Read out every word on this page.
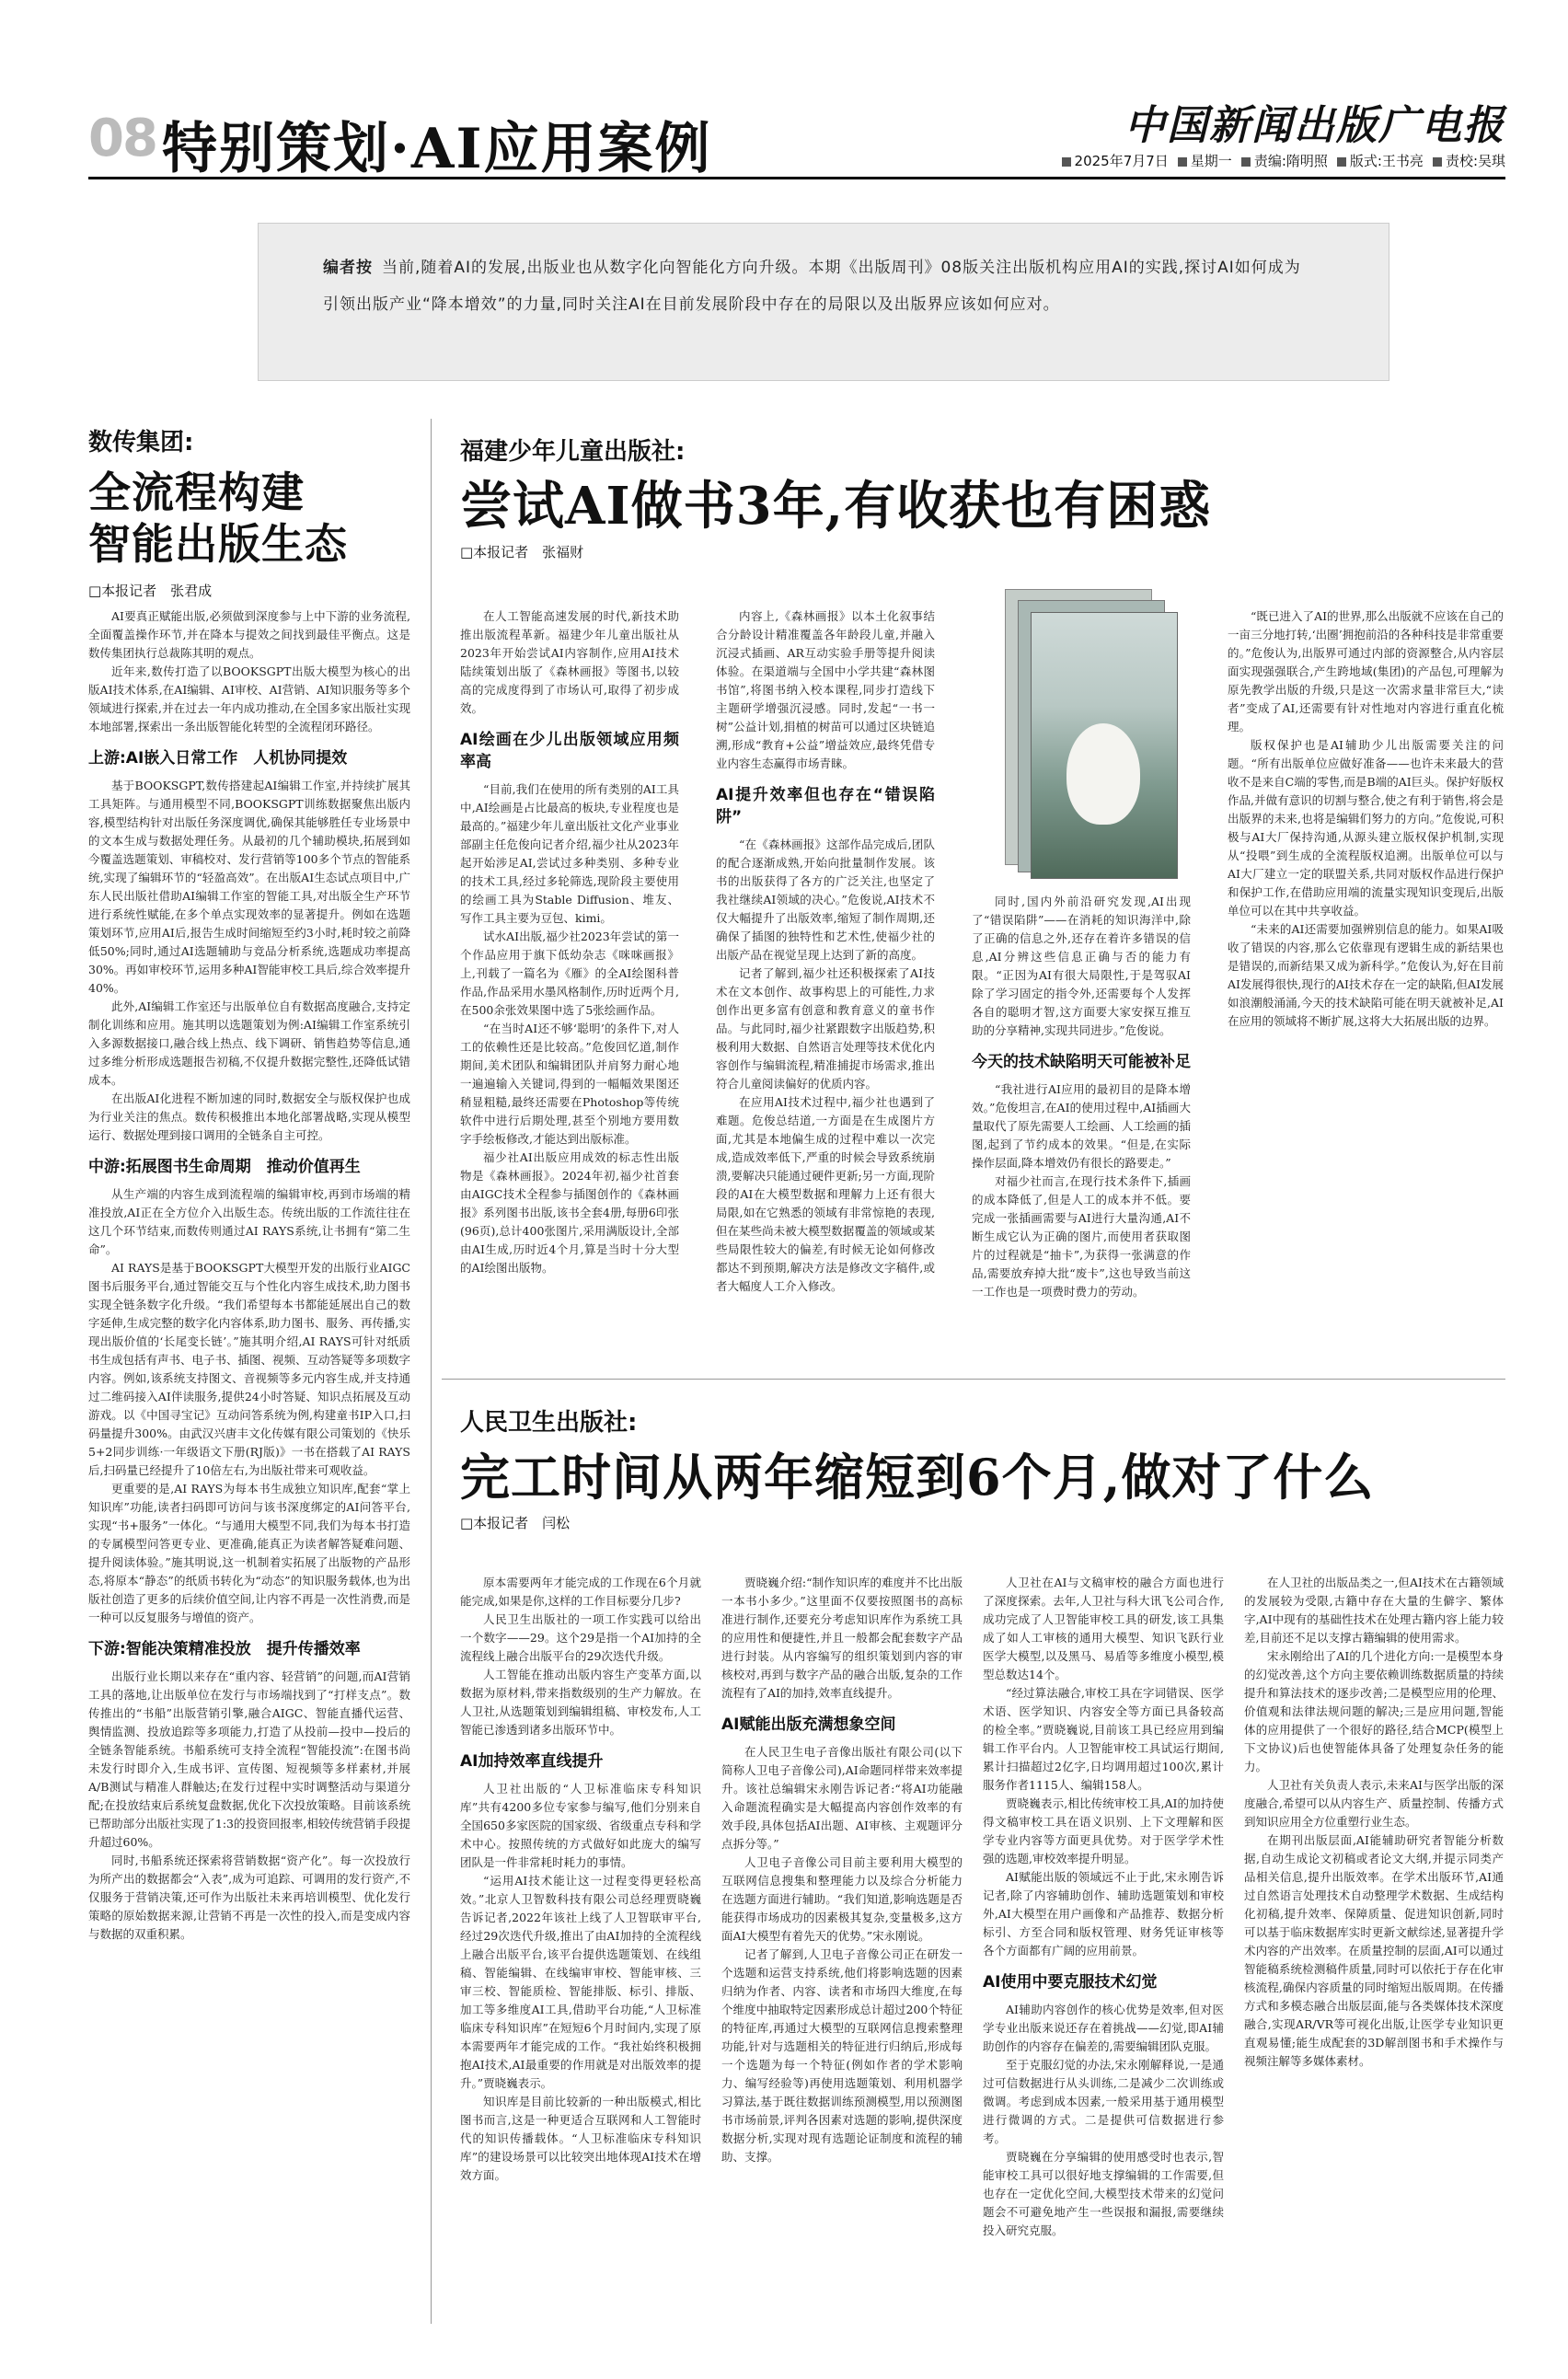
08 特别策划·AI应用案例	中国新闻出版广电报
2025年7月7日	星期一	责编:隋明照	版式:王书亮	责校:吴琪
编者按 当前,随着AI的发展,出版业也从数字化向智能化方向升级。本期《出版周刊》08版关注出版机构应用AI的实践,探讨AI如何成为引领出版产业“降本增效”的力量,同时关注AI在目前发展阶段中存在的局限以及出版界应该如何应对。
数传集团:
全流程构建
智能出版生态
□本报记者　张君成

AI要真正赋能出版,必须做到深度参与上中下游的业务流程,全面覆盖操作环节,并在降本与提效之间找到最佳平衡点。这是数传集团执行总裁陈其明的观点。

近年来,数传打造了以BOOKSGPT出版大模型为核心的出版AI技术体系,在AI编辑、AI审校、AI营销、AI知识服务等多个领域进行探索,并在过去一年内成功推动,在全国多家出版社实现本地部署,探索出一条出版智能化转型的全流程闭环路径。

上游:AI嵌入日常工作　人机协同提效

基于BOOKSGPT,数传搭建起AI编辑工作室,并持续扩展其工具矩阵。与通用模型不同,BOOKSGPT训练数据聚焦出版内容,模型结构针对出版任务深度调优,确保其能够胜任专业场景中的文本生成与数据处理任务。从最初的几个辅助模块,拓展到如今覆盖选题策划、审稿校对、发行营销等100多个节点的智能系统,实现了编辑环节的“轻盈高效”。在出版AI生态试点项目中,广东人民出版社借助AI编辑工作室的智能工具,对出版全生产环节进行系统性赋能,在多个单点实现效率的显著提升。例如在选题策划环节,应用AI后,报告生成时间缩短至约3小时,耗时较之前降低50%;同时,通过AI选题辅助与竞品分析系统,选题成功率提高30%。再如审校环节,运用多种AI智能审校工具后,综合效率提升40%。

此外,AI编辑工作室还与出版单位自有数据高度融合,支持定制化训练和应用。施其明以选题策划为例:AI编辑工作室系统引入多源数据接口,融合线上热点、线下调研、销售趋势等信息,通过多维分析形成选题报告初稿,不仅提升数据完整性,还降低试错成本。

在出版AI化进程不断加速的同时,数据安全与版权保护也成为行业关注的焦点。数传积极推出本地化部署战略,实现从模型运行、数据处理到接口调用的全链条自主可控。

中游:拓展图书生命周期　推动价值再生

从生产端的内容生成到流程端的编辑审校,再到市场端的精准投放,AI正在全方位介入出版生态。传统出版的工作流往往在这几个环节结束,而数传则通过AI RAYS系统,让书拥有“第二生命”。

AI RAYS是基于BOOKSGPT大模型开发的出版行业AIGC图书后服务平台,通过智能交互与个性化内容生成技术,助力图书实现全链条数字化升级。“我们希望每本书都能延展出自己的数字延伸,生成完整的数字化内容体系,助力图书、服务、再传播,实现出版价值的‘长尾变长链’。”施其明介绍,AI RAYS可针对纸质书生成包括有声书、电子书、插图、视频、互动答疑等多项数字内容。例如,该系统支持图文、音视频等多元内容生成,并支持通过二维码接入AI伴读服务,提供24小时答疑、知识点拓展及互动游戏。以《中国寻宝记》互动问答系统为例,构建童书IP入口,扫码量提升300%。由武汉兴唐丰文化传媒有限公司策划的《快乐5+2同步训练·一年级语文下册(RJ版)》一书在搭载了AI RAYS后,扫码量已经提升了10倍左右,为出版社带来可观收益。

更重要的是,AI RAYS为每本书生成独立知识库,配套“掌上知识库”功能,读者扫码即可访问与该书深度绑定的AI问答平台,实现“书+服务”一体化。“与通用大模型不同,我们为每本书打造的专属模型问答更专业、更准确,能真正为读者解答疑难问题、提升阅读体验。”施其明说,这一机制着实拓展了出版物的产品形态,将原本“静态”的纸质书转化为“动态”的知识服务载体,也为出版社创造了更多的后续价值空间,让内容不再是一次性消费,而是一种可以反复服务与增值的资产。

下游:智能决策精准投放　提升传播效率

出版行业长期以来存在“重内容、轻营销”的问题,而AI营销工具的落地,让出版单位在发行与市场端找到了“打样支点”。数传推出的“书船”出版营销引擎,融合AIGC、智能直播代运营、舆情监测、投放追踪等多项能力,打造了从投前—投中—投后的全链条智能系统。书船系统可支持全流程“智能投流”:在图书尚未发行时即介入,生成书评、宣传图、短视频等多样素材,并展A/B测试与精准人群触达;在发行过程中实时调整活动与渠道分配;在投放结束后系统复盘数据,优化下次投放策略。目前该系统已帮助部分出版社实现了1:3的投资回报率,相较传统营销手段提升超过60%。

同时,书船系统还探索将营销数据“资产化”。每一次投放行为所产出的数据都会“入表”,成为可追踪、可调用的发行资产,不仅服务于营销决策,还可作为出版社未来再培训模型、优化发行策略的原始数据来源,让营销不再是一次性的投入,而是变成内容与数据的双重积累。

福建少年儿童出版社:
尝试AI做书3年,有收获也有困惑
□本报记者　张福财

在人工智能高速发展的时代,新技术助推出版流程革新。福建少年儿童出版社从2023年开始尝试AI内容制作,应用AI技术陆续策划出版了《森林画报》等图书,以较高的完成度得到了市场认可,取得了初步成效。

AI绘画在少儿出版领域应用频率高

“目前,我们在使用的所有类别的AI工具中,AI绘画是占比最高的板块,专业程度也是最高的。”福建少年儿童出版社文化产业事业部副主任危俊向记者介绍,福少社从2023年起开始涉足AI,尝试过多种类别、多种专业的技术工具,经过多轮筛选,现阶段主要使用的绘画工具为Stable Diffusion、堆友、写作工具主要为豆包、kimi。

试水AI出版,福少社2023年尝试的第一个作品应用于旗下低幼杂志《咪咪画报》上,刊载了一篇名为《雁》的全AI绘图科普作品,作品采用水墨风格制作,历时近两个月,在500余张效果图中选了5张绘画作品。

“在当时AI还不够‘聪明’的条件下,对人工的依赖性还是比较高。”危俊回忆道,制作期间,美术团队和编辑团队并肩努力耐心地一遍遍输入关键词,得到的一幅幅效果图还稍显粗糙,最终还需要在Photoshop等传统软件中进行后期处理,甚至个别地方要用数字手绘板修改,才能达到出版标准。

福少社AI出版应用成效的标志性出版物是《森林画报》。2024年初,福少社首套由AIGC技术全程参与插图创作的《森林画报》系列图书出版,该书全套4册,每册6印张(96页),总计400张图片,采用满版设计,全部由AI生成,历时近4个月,算是当时十分大型的AI绘图出版物。

内容上,《森林画报》以本土化叙事结合分龄设计精准覆盖各年龄段儿童,并融入沉浸式插画、AR互动实验手册等提升阅读体验。在渠道端与全国中小学共建“森林图书馆”,将图书纳入校本课程,同步打造线下主题研学增强沉浸感。同时,发起“一书一树”公益计划,捐植的树苗可以通过区块链追溯,形成“教育+公益”增益效应,最终凭借专业内容生态赢得市场青睐。

AI提升效率但也存在“错误陷阱”

“在《森林画报》这部作品完成后,团队的配合逐渐成熟,开始向批量制作发展。该书的出版获得了各方的广泛关注,也坚定了我社继续AI领域的决心。”危俊说,AI技术不仅大幅提升了出版效率,缩短了制作周期,还确保了插图的独特性和艺术性,使福少社的出版产品在视觉呈现上达到了新的高度。

记者了解到,福少社还积极探索了AI技术在文本创作、故事构思上的可能性,力求创作出更多富有创意和教育意义的童书作品。与此同时,福少社紧跟数字出版趋势,积极利用大数据、自然语言处理等技术优化内容创作与编辑流程,精准捕捉市场需求,推出符合儿童阅读偏好的优质内容。

在应用AI技术过程中,福少社也遇到了难题。危俊总结道,一方面是在生成图片方面,尤其是本地偏生成的过程中难以一次完成,造成效率低下,严重的时候会导致系统崩溃,要解决只能通过硬件更新;另一方面,现阶段的AI在大模型数据和理解力上还有很大局限,如在它熟悉的领域有非常惊艳的表现,但在某些尚未被大模型数据覆盖的领域或某些局限性较大的偏差,有时候无论如何修改都达不到预期,解决方法是修改文字稿件,或者大幅度人工介入修改。

同时,国内外前沿研究发现,AI出现了“错误陷阱”——在消耗的知识海洋中,除了正确的信息之外,还存在着许多错误的信息,AI分辨这些信息正确与否的能力有限。“正因为AI有很大局限性,于是驾驭AI除了学习固定的指令外,还需要每个人发挥各自的聪明才智,这方面要大家安探互推互助的分享精神,实现共同进步。”危俊说。

今天的技术缺陷明天可能被补足

“我社进行AI应用的最初目的是降本增效。”危俊坦言,在AI的使用过程中,AI插画大量取代了原先需要人工绘画、人工绘画的插图,起到了节约成本的效果。“但是,在实际操作层面,降本增效仍有很长的路要走。”

对福少社而言,在现行技术条件下,插画的成本降低了,但是人工的成本并不低。要完成一张插画需要与AI进行大量沟通,AI不断生成它认为正确的图片,而使用者获取图片的过程就是“抽卡”,为获得一张满意的作品,需要放弃掉大批“废卡”,这也导致当前这一工作也是一项费时费力的劳动。

“既已进入了AI的世界,那么出版就不应该在自己的一亩三分地打转,‘出圈’拥抱前沿的各种科技是非常重要的。”危俊认为,出版界可通过内部的资源整合,从内容层面实现强强联合,产生跨地域(集团)的产品包,可理解为原先教学出版的升级,只是这一次需求量非常巨大,“读者”变成了AI,还需要有针对性地对内容进行重直化梳理。

版权保护也是AI辅助少儿出版需要关注的问题。“所有出版单位应做好准备——也许未来最大的营收不是来自C端的零售,而是B端的AI巨头。保护好版权作品,并做有意识的切割与整合,使之有利于销售,将会是出版界的未来,也将是编辑们努力的方向。”危俊说,可积极与AI大厂保持沟通,从源头建立版权保护机制,实现从“投喂”到生成的全流程版权追溯。出版单位可以与AI大厂建立一定的联盟关系,共同对版权作品进行保护和保护工作,在借助应用端的流量实现知识变现后,出版单位可以在其中共享收益。

“未来的AI还需要加强辨别信息的能力。如果AI吸收了错误的内容,那么它依靠现有逻辑生成的新结果也是错误的,而新结果又成为新科学。”危俊认为,好在目前AI发展得很快,现行的AI技术存在一定的缺陷,但AI发展如浪潮般涌涌,今天的技术缺陷可能在明天就被补足,AI在应用的领域将不断扩展,这将大大拓展出版的边界。

人民卫生出版社:
完工时间从两年缩短到6个月,做对了什么
□本报记者　闫松

原本需要两年才能完成的工作现在6个月就能完成,如果是你,这样的工作目标要分几步?

人民卫生出版社的一项工作实践可以给出一个数字——29。这个29是指一个AI加持的全流程线上融合出版平台的29次迭代升级。

人工智能在推动出版内容生产变革方面,以数据为原材料,带来指数级别的生产力解放。在人卫社,从选题策划到编辑组稿、审校发布,人工智能已渗透到诸多出版环节中。

AI加持效率直线提升

人卫社出版的“人卫标准临床专科知识库”共有4200多位专家参与编写,他们分别来自全国650多家医院的国家级、省级重点专科和学术中心。按照传统的方式做好如此庞大的编写团队是一件非常耗时耗力的事情。

“运用AI技术能让这一过程变得更轻松高效。”北京人卫智数科技有限公司总经理贾晓巍告诉记者,2022年该社上线了人卫智联审平台,经过29次迭代升级,推出了由AI加持的全流程线上融合出版平台,该平台提供选题策划、在线组稿、智能编辑、在线编审审校、智能审核、三审三校、智能质检、智能排版、标引、排版、加工等多维度AI工具,借助平台功能,“人卫标准临床专科知识库”在短短6个月时间内,实现了原本需要两年才能完成的工作。“我社始终积极拥抱AI技术,AI最重要的作用就是对出版效率的提升。”贾晓巍表示。

知识库是目前比较新的一种出版模式,相比图书而言,这是一种更适合互联网和人工智能时代的知识传播载体。“人卫标准临床专科知识库”的建设场景可以比较突出地体现AI技术在增效方面。

贾晓巍介绍:“制作知识库的难度并不比出版一本书小多少。”这里面不仅要按照图书的高标准进行制作,还要充分考虑知识库作为系统工具的应用性和便捷性,并且一般都会配套数字产品进行封装。从内容编写的组织策划到内容的审核校对,再到与数字产品的融合出版,复杂的工作流程有了AI的加持,效率直线提升。

AI赋能出版充满想象空间

在人民卫生电子音像出版社有限公司(以下简称人卫电子音像公司),AI命题同样带来效率提升。该社总编辑宋永刚告诉记者:“将AI功能融入命题流程确实是大幅提高内容创作效率的有效手段,具体包括AI出题、AI审核、主观题评分点拆分等。”

人卫电子音像公司目前主要利用大模型的互联网信息搜集和整理能力以及综合分析能力在选题方面进行辅助。“我们知道,影响选题是否能获得市场成功的因素极其复杂,变量极多,这方面AI大模型有着先天的优势。”宋永刚说。

记者了解到,人卫电子音像公司正在研发一个选题和运营支持系统,他们将影响选题的因素归纳为作者、内容、读者和市场四大维度,在每个维度中抽取特定因素形成总计超过200个特征的特征库,再通过大模型的互联网信息搜索整理功能,针对与选题相关的特征进行归纳后,形成每一个选题为每一个特征(例如作者的学术影响力、编写经验等)再使用选题策划、利用机器学习算法,基于既往数据训练预测模型,用以预测图书市场前景,评判各因素对选题的影响,提供深度数据分析,实现对现有选题论证制度和流程的辅助、支撑。

人卫社在AI与文稿审校的融合方面也进行了深度探索。去年,人卫社与科大讯飞公司合作,成功完成了人卫智能审校工具的研发,该工具集成了如人工审核的通用大模型、知识飞跃行业医学大模型,以及黑马、易盾等多维度小模型,模型总数达14个。

“经过算法融合,审校工具在字词错误、医学术语、医学知识、内容安全等方面已具备较高的检全率。”贾晓巍说,目前该工具已经应用到编辑工作平台内。人卫智能审校工具试运行期间,累计扫描超过2亿字,日均调用超过100次,累计服务作者1115人、编辑158人。

贾晓巍表示,相比传统审校工具,AI的加持使得文稿审校工具在语义识别、上下文理解和医学专业内容等方面更具优势。对于医学学术性强的选题,审校效率提升明显。

AI赋能出版的领域远不止于此,宋永刚告诉记者,除了内容辅助创作、辅助选题策划和审校外,AI大模型在用户画像和产品推荐、数据分析标引、方至合同和版权管理、财务凭证审核等各个方面都有广阔的应用前景。

AI使用中要克服技术幻觉

AI辅助内容创作的核心优势是效率,但对医学专业出版来说还存在着挑战——幻觉,即AI辅助创作的内容存在偏差的,需要编辑团队克服。

至于克服幻觉的办法,宋永刚解释说,一是通过可信数据进行从头训练,二是减少二次训练或微调。考虑到成本因素,一般采用基于通用模型进行微调的方式。二是提供可信数据进行参考。

贾晓巍在分享编辑的使用感受时也表示,智能审校工具可以很好地支撑编辑的工作需要,但也存在一定优化空间,大模型技术带来的幻觉问题会不可避免地产生一些误报和漏报,需要继续投入研究克服。

在人卫社的出版品类之一,但AI技术在古籍领域的发展较为受限,古籍中存在大量的生僻字、繁体字,AI中现有的基础性技术在处理古籍内容上能力较差,目前还不足以支撑古籍编辑的使用需求。

宋永刚给出了AI的几个进化方向:一是模型本身的幻觉改善,这个方向主要依赖训练数据质量的持续提升和算法技术的逐步改善;二是模型应用的伦理、价值观和法律法规问题的解决;三是应用问题,智能体的应用提供了一个很好的路径,结合MCP(模型上下文协议)后也使智能体具备了处理复杂任务的能力。

人卫社有关负责人表示,未来AI与医学出版的深度融合,希望可以从内容生产、质量控制、传播方式到知识应用全方位重塑行业生态。

在期刊出版层面,AI能辅助研究者智能分析数据,自动生成论文初稿或者论文大纲,并提示同类产品相关信息,提升出版效率。在学术出版环节,AI通过自然语言处理技术自动整理学术数据、生成结构化初稿,提升效率、保障质量、促进知识创新,同时可以基于临床数据库实时更新文献综述,显著提升学术内容的产出效率。在质量控制的层面,AI可以通过智能稿系统检测稿件质量,同时可以依托于存在化审核流程,确保内容质量的同时缩短出版周期。在传播方式和多模态融合出版层面,能与各类媒体技术深度融合,实现AR/VR等可视化出版,让医学专业知识更直观易懂;能生成配套的3D解剖图书和手术操作与视频注解等多媒体素材。
